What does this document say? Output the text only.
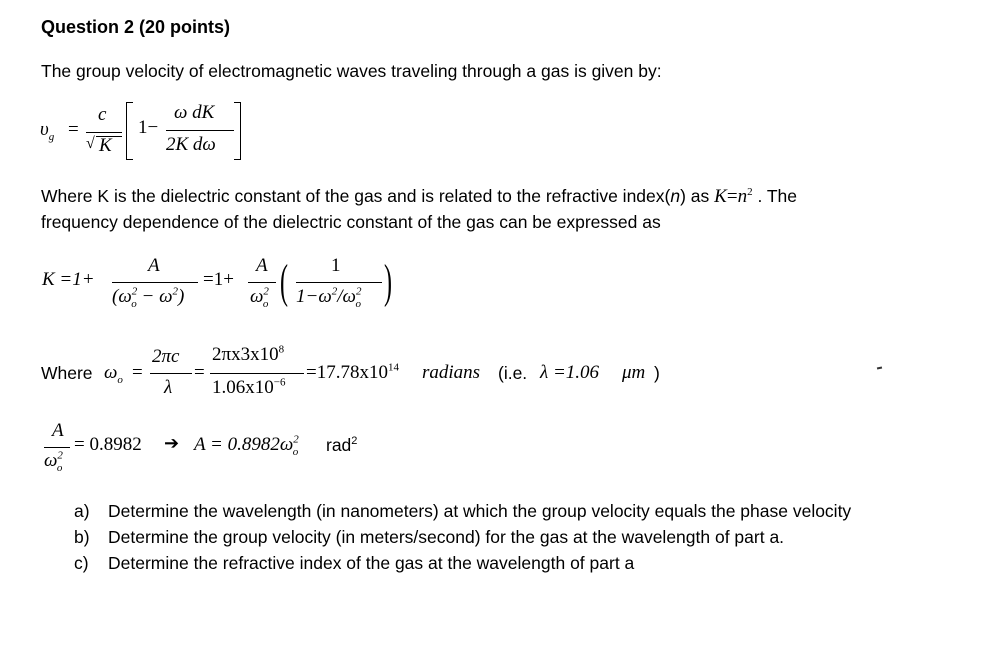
Question 2 (20 points)
The group velocity of electromagnetic waves traveling through a gas is given by:
$\upsilon_g$ =
c
√ K
1−
ω dK
2K dω
Where K is the dielectric constant of the gas and is related to the refractive index(n) as $K=n^2$ . The
frequency dependence of the dielectric constant of the gas can be expressed as
K =1+
A
$(\omega^2_o - \omega^2)$
=1+
A
$\omega^2_o$ ( 1
$1-\omega^2/\omega^2_o$ )
Where $\omega_o$ =
2πc
λ
=
$2\pi x3x10^8$
$1.06x10^{-6} =17.78x10^{14}$ radians (i.e. λ =1.06 μm )
A
$\omega^2_o$
= 0.8982 ➔ $A = 0.8982\omega^2_o$ rad$^2$
a) Determine the wavelength (in nanometers) at which the group velocity equals the phase velocity
b) Determine the group velocity (in meters/second) for the gas at the wavelength of part a.
c) Determine the refractive index of the gas at the wavelength of part a
